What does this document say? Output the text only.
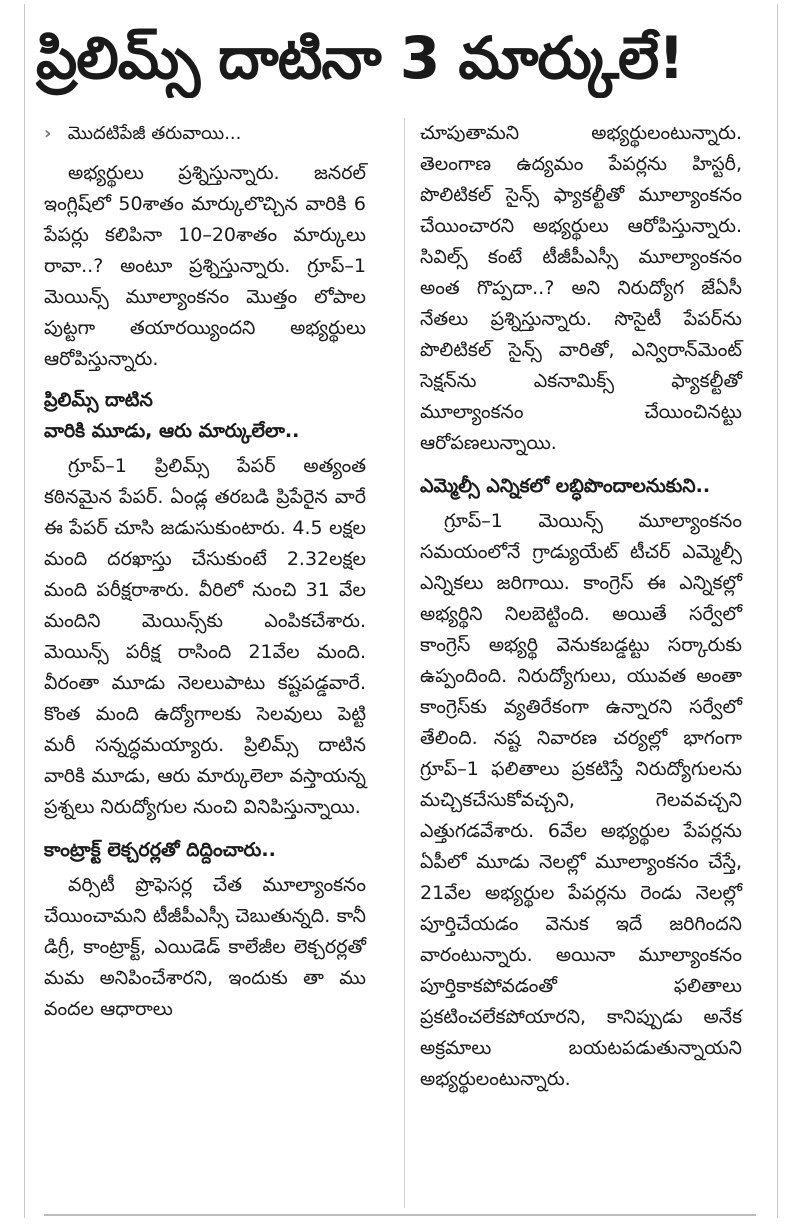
ప్రిలిమ్స్ దాటినా 3 మార్కులే!
› మొదటిపేజీ తరువాయి...

అభ్యర్థులు ప్రశ్నిస్తున్నారు. జనరల్ ఇంగ్లిష్‌లో 50శాతం మార్కులొచ్చిన వారికి 6 పేపర్లు కలిపినా 10–20శాతం మార్కులు రావా..? అంటూ ప్రశ్నిస్తున్నారు. గ్రూప్–1 మెయిన్స్ మూల్యాంకనం మొత్తం లోపాల పుట్టగా తయారయ్యిందని అభ్యర్థులు ఆరోపిస్తున్నారు.

ప్రిలిమ్స్ దాటిన
వారికి మూడు, ఆరు మార్కులేలా..

గ్రూప్–1 ప్రిలిమ్స్ పేపర్ అత్యంత కఠినమైన పేపర్. ఏండ్ల తరబడి ప్రిపేరైన వారే ఈ పేపర్ చూసి జడుసుకుంటారు. 4.5 లక్షల మంది దరఖాస్తు చేసుకుంటే 2.32లక్షల మంది పరీక్షరాశారు. వీరిలో నుంచి 31 వేల మందిని మెయిన్స్‌కు ఎంపికచేశారు. మెయిన్స్ పరీక్ష రాసింది 21వేల మంది. వీరంతా మూడు నెలలుపాటు కష్టపడ్డవారే. కొంత మంది ఉద్యోగాలకు సెలవులు పెట్టి మరీ సన్నద్ధమయ్యారు. ప్రిలిమ్స్ దాటిన వారికి మూడు, ఆరు మార్కులెలా వస్తాయన్న ప్రశ్నలు నిరుద్యోగుల నుంచి వినిపిస్తున్నాయి.

కాంట్రాక్ట్ లెక్చరర్లతో దిద్దించారు..

వర్సిటీ ప్రొఫెసర్ల చేత మూల్యాంకనం చేయించామని టీజీపీఎస్సీ చెబుతున్నది. కానీ డిగ్రీ, కాంట్రాక్ట్, ఎయిడెడ్ కాలేజీల లెక్చరర్లతో మమ అనిపించేశారని, ఇందుకు తా ము వందల ఆధారాలు

చూపుతామని అభ్యర్థులంటున్నారు. తెలంగాణ ఉద్యమం పేపర్లను హిస్టరీ, పొలిటికల్ సైన్స్ ఫ్యాకల్టీతో మూల్యాంకనం చేయించారని అభ్యర్థులు ఆరోపిస్తున్నారు. సివిల్స్ కంటే టీజీపీఎస్సీ మూల్యాంకనం అంత గొప్పదా..? అని నిరుద్యోగ జేఏసీ నేతలు ప్రశ్నిస్తున్నారు. సొసైటీ పేపర్‌ను పొలిటికల్ సైన్స్ వారితో, ఎన్విరాన్‌మెంట్ సెక్షన్‌ను ఎకనామిక్స్ ఫ్యాకల్టీతో మూల్యాంకనం చేయించినట్టు ఆరోపణలున్నాయి.

ఎమ్మెల్సీ ఎన్నికలో లబ్ధిపొందాలనుకుని..

గ్రూప్–1 మెయిన్స్ మూల్యాంకనం సమయంలోనే గ్రాడ్యుయేట్ టీచర్ ఎమ్మెల్సీ ఎన్నికలు జరిగాయి. కాంగ్రెస్ ఈ ఎన్నికల్లో అభ్యర్థిని నిలబెట్టింది. అయితే సర్వేలో కాంగ్రెస్ అభ్యర్థి వెనుకబడ్డట్టు సర్కారుకు ఉప్పందింది. నిరుద్యోగులు, యువత అంతా కాంగ్రెస్‌కు వ్యతిరేకంగా ఉన్నారని సర్వేలో తేలింది. నష్ట నివారణ చర్యల్లో భాగంగా గ్రూప్–1 ఫలితాలు ప్రకటిస్తే నిరుద్యోగులను మచ్చికచేసుకోవచ్చని, గెలవవచ్చని ఎత్తుగడవేశారు. 6వేల అభ్యర్థుల పేపర్లను ఏపీలో మూడు నెలల్లో మూల్యాంకనం చేస్తే, 21వేల అభ్యర్థుల పేపర్లను రెండు నెలల్లో పూర్తిచేయడం వెనుక ఇదే జరిగిందని వారంటున్నారు. అయినా మూల్యాంకనం పూర్తికాకపోవడంతో ఫలితాలు ప్రకటించలేకపోయారని, కానిప్పుడు అనేక అక్రమాలు బయటపడుతున్నాయని అభ్యర్థులంటున్నారు.
